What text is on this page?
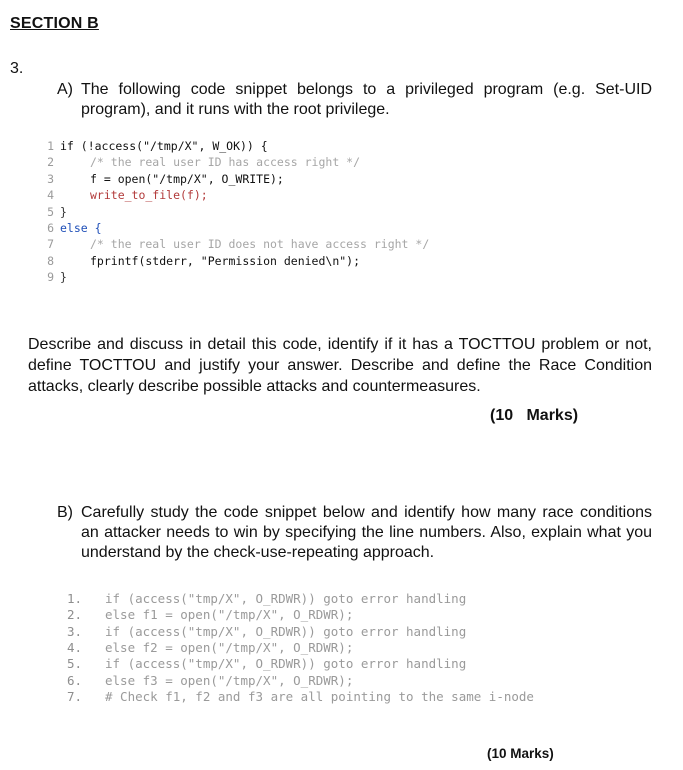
SECTION B
3.
A) The following code snippet belongs to a privileged program (e.g. Set-UID program), and it runs with the root privilege.
1 if (!access("/tmp/X", W_OK)) {
2	/* the real user ID has access right */
3	f = open("/tmp/X", O_WRITE);
4	write_to_file(f);
5 }
6 else {
7	/* the real user ID does not have access right */
8	fprintf(stderr, "Permission denied\n");
9 }
Describe and discuss in detail this code, identify if it has a TOCTTOU problem or not, define TOCTTOU and justify your answer. Describe and define the Race Condition attacks, clearly describe possible attacks and countermeasures.
(10   Marks)
B) Carefully study the code snippet below and identify how many race conditions an attacker needs to win by specifying the line numbers. Also, explain what you understand by the check-use-repeating approach.
1. if (access("tmp/X", O_RDWR)) goto error handling
2. else f1 = open("/tmp/X", O_RDWR);
3. if (access("tmp/X", O_RDWR)) goto error handling
4. else f2 = open("/tmp/X", O_RDWR);
5. if (access("tmp/X", O_RDWR)) goto error handling
6. else f3 = open("/tmp/X", O_RDWR);
7. # Check f1, f2 and f3 are all pointing to the same i-node
(10 Marks)
